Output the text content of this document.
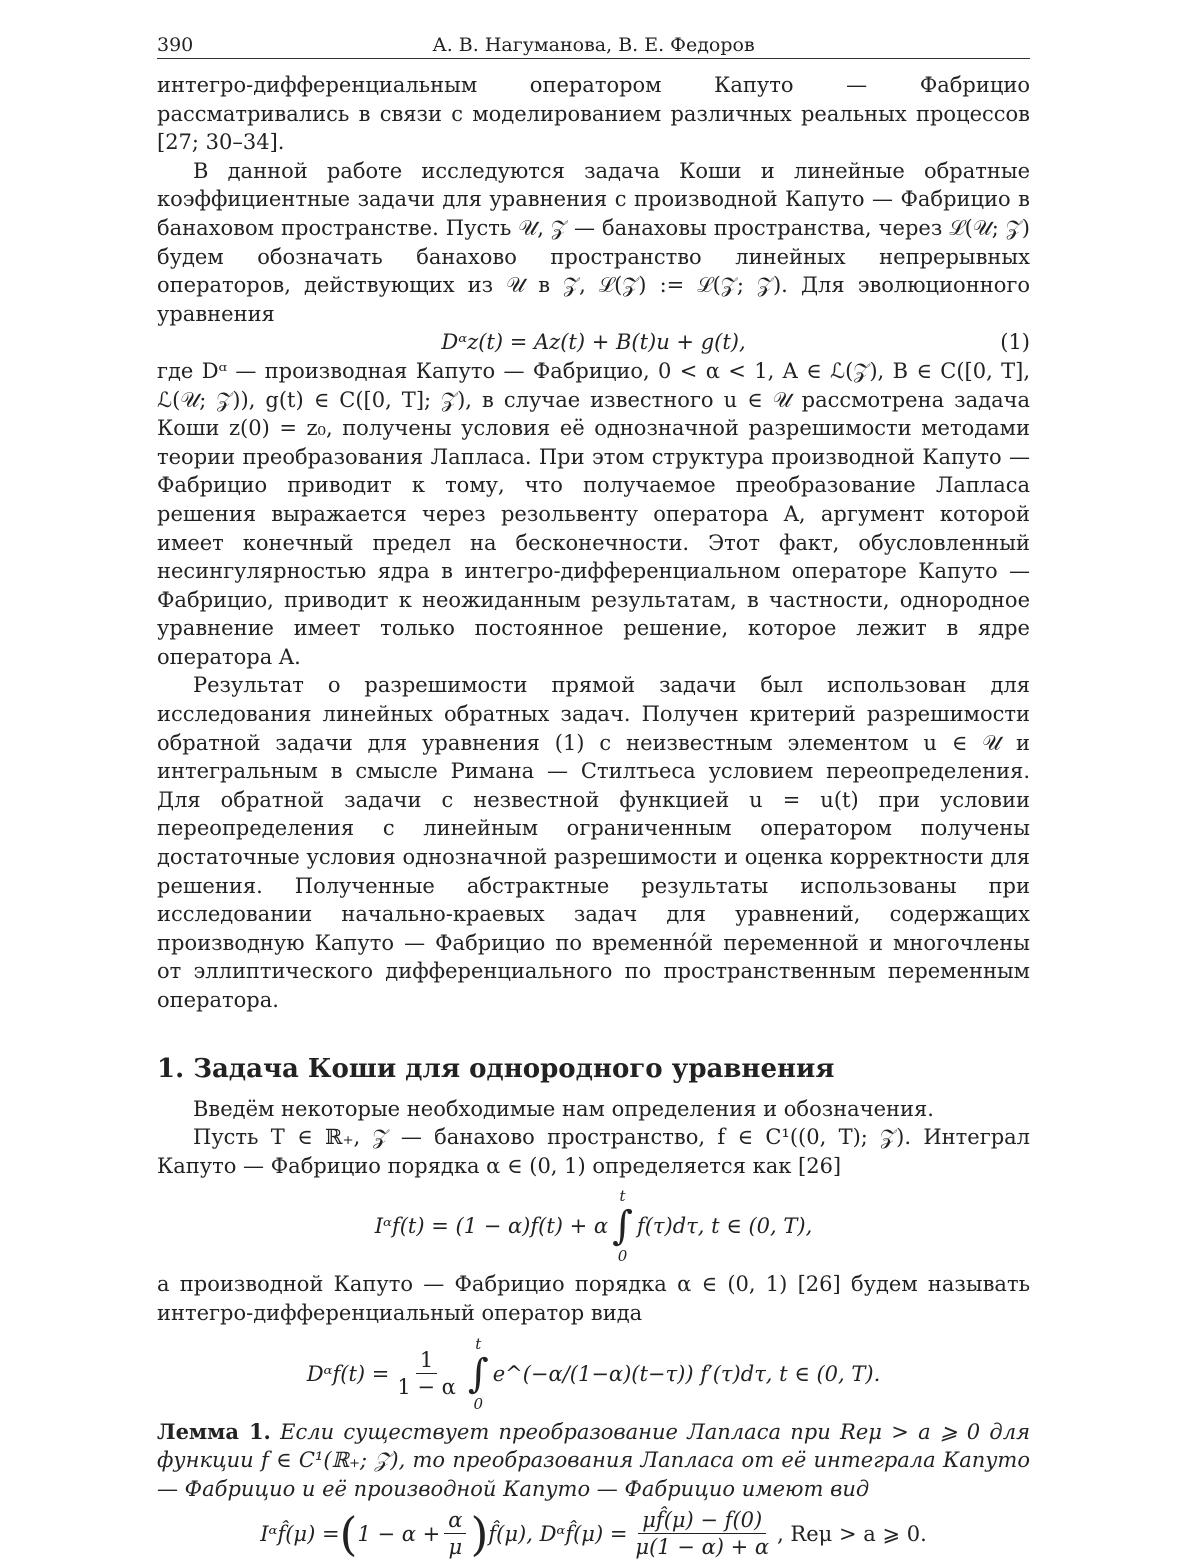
390	А. В. Нагуманова, В. Е. Федоров

интегро-дифференциальным оператором Капуто — Фабрицио рассматривались в связи с моделированием различных реальных процессов [27; 30–34].

В данной работе исследуются задача Коши и линейные обратные коэффициентные задачи для уравнения с производной Капуто — Фабрицио в банаховом пространстве. Пусть 𝒰, 𝒵 — банаховы пространства, через ℒ(𝒰; 𝒵) будем обозначать банахово пространство линейных непрерывных операторов, действующих из 𝒰 в 𝒵, ℒ(𝒵) := ℒ(𝒵; 𝒵). Для эволюционного уравнения

Dᵅz(t) = Az(t) + B(t)u + g(t),	(1)

где Dᵅ — производная Капуто — Фабрицио, 0 < α < 1, A ∈ ℒ(𝒵), B ∈ C([0, T], ℒ(𝒰; 𝒵)), g(t) ∈ C([0, T]; 𝒵), в случае известного u ∈ 𝒰 рассмотрена задача Коши z(0) = z₀, получены условия её однозначной разрешимости методами теории преобразования Лапласа. При этом структура производной Капуто — Фабрицио приводит к тому, что получаемое преобразование Лапласа решения выражается через резольвенту оператора A, аргумент которой имеет конечный предел на бесконечности. Этот факт, обусловленный несингулярностью ядра в интегро-дифференциальном операторе Капуто — Фабрицио, приводит к неожиданным результатам, в частности, однородное уравнение имеет только постоянное решение, которое лежит в ядре оператора A.

Результат о разрешимости прямой задачи был использован для исследования линейных обратных задач. Получен критерий разрешимости обратной задачи для уравнения (1) с неизвестным элементом u ∈ 𝒰 и интегральным в смысле Римана — Стилтьеса условием переопределения. Для обратной задачи с незвестной функцией u = u(t) при условии переопределения с линейным ограниченным оператором получены достаточные условия однозначной разрешимости и оценка корректности для решения. Полученные абстрактные результаты использованы при исследовании начально-краевых задач для уравнений, содержащих производную Капуто — Фабрицио по временно́й переменной и многочлены от эллиптического дифференциального по пространственным переменным оператора.

1. Задача Коши для однородного уравнения

Введём некоторые необходимые нам определения и обозначения.

Пусть T ∈ ℝ₊, 𝒵 — банахово пространство, f ∈ C¹((0, T); 𝒵). Интеграл Капуто — Фабрицио порядка α ∈ (0, 1) определяется как [26]

Iᵅf(t) = (1 − α)f(t) + α
t
∫
0
f(τ)dτ, t ∈ (0, T),

а производной Капуто — Фабрицио порядка α ∈ (0, 1) [26] будем называть интегро-дифференциальный оператор вида

Dᵅf(t) = $\frac{1}{1 - \alpha}$
t
∫
0
e^(−α/(1−α)(t−τ)) f′(τ)dτ, t ∈ (0, T).

Лемма 1. Если существует преобразование Лапласа при Reμ > a ⩾ 0 для функции f ∈ C¹(ℝ₊; 𝒵), то преобразования Лапласа от её интеграла Капуто — Фабрицио и её производной Капуто — Фабрицио имеют вид

Iᵅf̂(μ) = ( $1 - \alpha + \frac{\alpha}{\mu}$ ) f̂(μ), Dᵅf̂(μ) = $\frac{\mu f̂(\mu) - f(0)}{\mu(1 - \alpha) + \alpha}$ , Reμ > a ⩾ 0.
